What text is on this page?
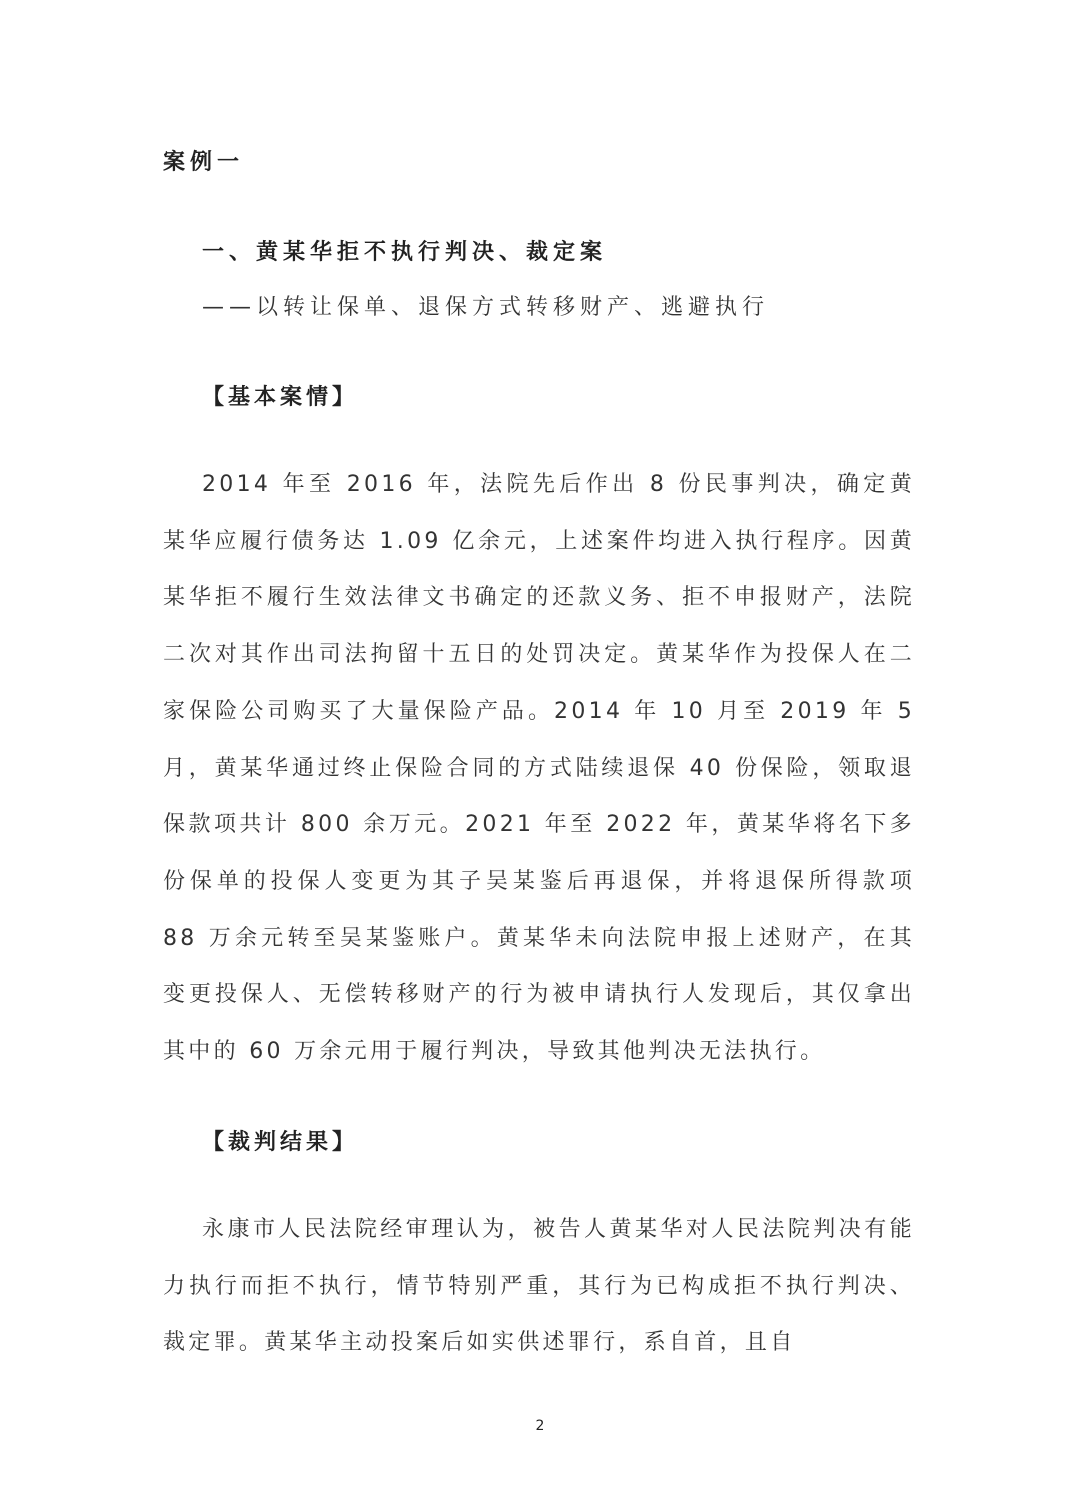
案例一
一、黄某华拒不执行判决、裁定案
——以转让保单、退保方式转移财产、逃避执行
【基本案情】
2014 年至 2016 年，法院先后作出 8 份民事判决，确定黄某华应履行债务达 1.09 亿余元，上述案件均进入执行程序。因黄某华拒不履行生效法律文书确定的还款义务、拒不申报财产，法院二次对其作出司法拘留十五日的处罚决定。黄某华作为投保人在二家保险公司购买了大量保险产品。2014 年 10 月至 2019 年 5 月，黄某华通过终止保险合同的方式陆续退保 40 份保险，领取退保款项共计 800 余万元。2021 年至 2022 年，黄某华将名下多份保单的投保人变更为其子吴某鉴后再退保，并将退保所得款项 88 万余元转至吴某鉴账户。黄某华未向法院申报上述财产，在其变更投保人、无偿转移财产的行为被申请执行人发现后，其仅拿出其中的 60 万余元用于履行判决，导致其他判决无法执行。
【裁判结果】
永康市人民法院经审理认为，被告人黄某华对人民法院判决有能力执行而拒不执行，情节特别严重，其行为已构成拒不执行判决、裁定罪。黄某华主动投案后如实供述罪行，系自首，且自
2
